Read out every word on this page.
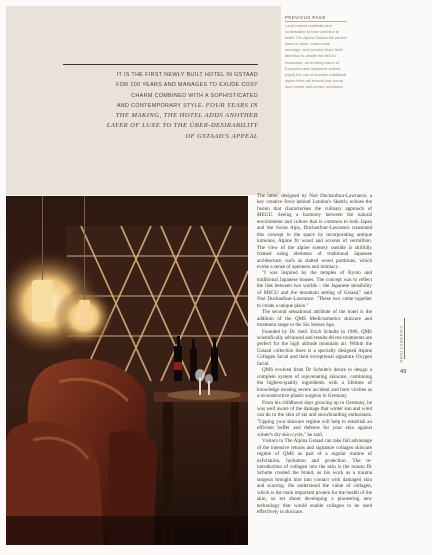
IT IS THE FIRST NEWLY BUILT HOTEL IN GSTAAD
FOR 100 YEARS AND MANAGES TO EXUDE COSY
CHARM COMBINED WITH A SOPHISTICATED
AND CONTEMPORARY STYLE. FOUR YEARS IN
THE MAKING, THE HOTEL ADDS ANOTHER
LAYER OF LUXE TO THE ÜBER-DESIRABILITY
OF GSTAAD'S APPEAL
PREVIOUS PAGE
Local natural materials and understated service combine to make The Alpina Gstaad the perfect place to relax, unwind and recharge, and (centre) Ducs Noël attention to details the MEGU restaurant, an exciting fusion of European and Japanese culture; (right) the use of wooden traditional alpine lines will ensure that luxury food meets well-known reputation

The latter, designed by Noé Duchaufour-Lawrance, a key creative force behind London's Sketch, echoes the fusion that characterises the culinary approach of MEGU. Seeing a harmony between the natural environment and culture that is common to both Japan and the Swiss Alps, Duchaufour-Lawrance translated this concept in the space by incorporating antique kimonos, Alpine fir wood and accents of vermillion. The view of the alpine scenery outside is skilfully framed using elements of traditional Japanese architecture, such as slatted wood partitions, which evoke a sense of openness and intimacy.

"I was inspired by the temples of Kyoto and traditional Japanese houses. The concept was to reflect the link between two worlds – the Japanese sensibility of MEGU and the mountain setting of Gstaad," said Noé Duchaufour-Lawrance. "These two come together to create a unique place."

The second sensational attribute of the hotel is the addition of the QMS Medicosmetics skincare and treatment range to the Six Senses Spa.

Founded by Dr. med. Erich Schulte in 1986, QMS scientifically advanced and results-driven treatments are perfect for the high altitude mountain air. Within the Gstaad collection there is a specially designed Alpine Collagen facial and their exceptional signature Oxygen facial.

QMS evolved from Dr Schulte's desire to design a complete system of rejuvenating skincare, combining the highest-quality ingredients with a lifetime of knowledge treating severe accident and burn victims as a reconstructive plastic surgeon in Germany.

From his childhood days growing up in Germany, he was well aware of the damage that winter sun and wind can do to the skin of ski and snowboarding enthusiasts. "Upping your skincare regime will help to establish an efficient buffer and defense for your skin against winter's dry skin cycle," he said.

Visitors to The Alpina Gstaad can take full advantage of the intensive returns and signature collagen skincare regime of QMS as part of a regular routine of exfoliation, hydration and protection. The re-introduction of collagen into the skin is the reason Dr Schulte created the brand, as his work as a trauma surgeon brought him into contact with damaged skin and scarring. He understood the value of collagen, which is the main important protein for the health of the skin, so set about developing a pioneering new technology that would enable collagen to be used effectively in skincare.

CONNECTIONS
49
